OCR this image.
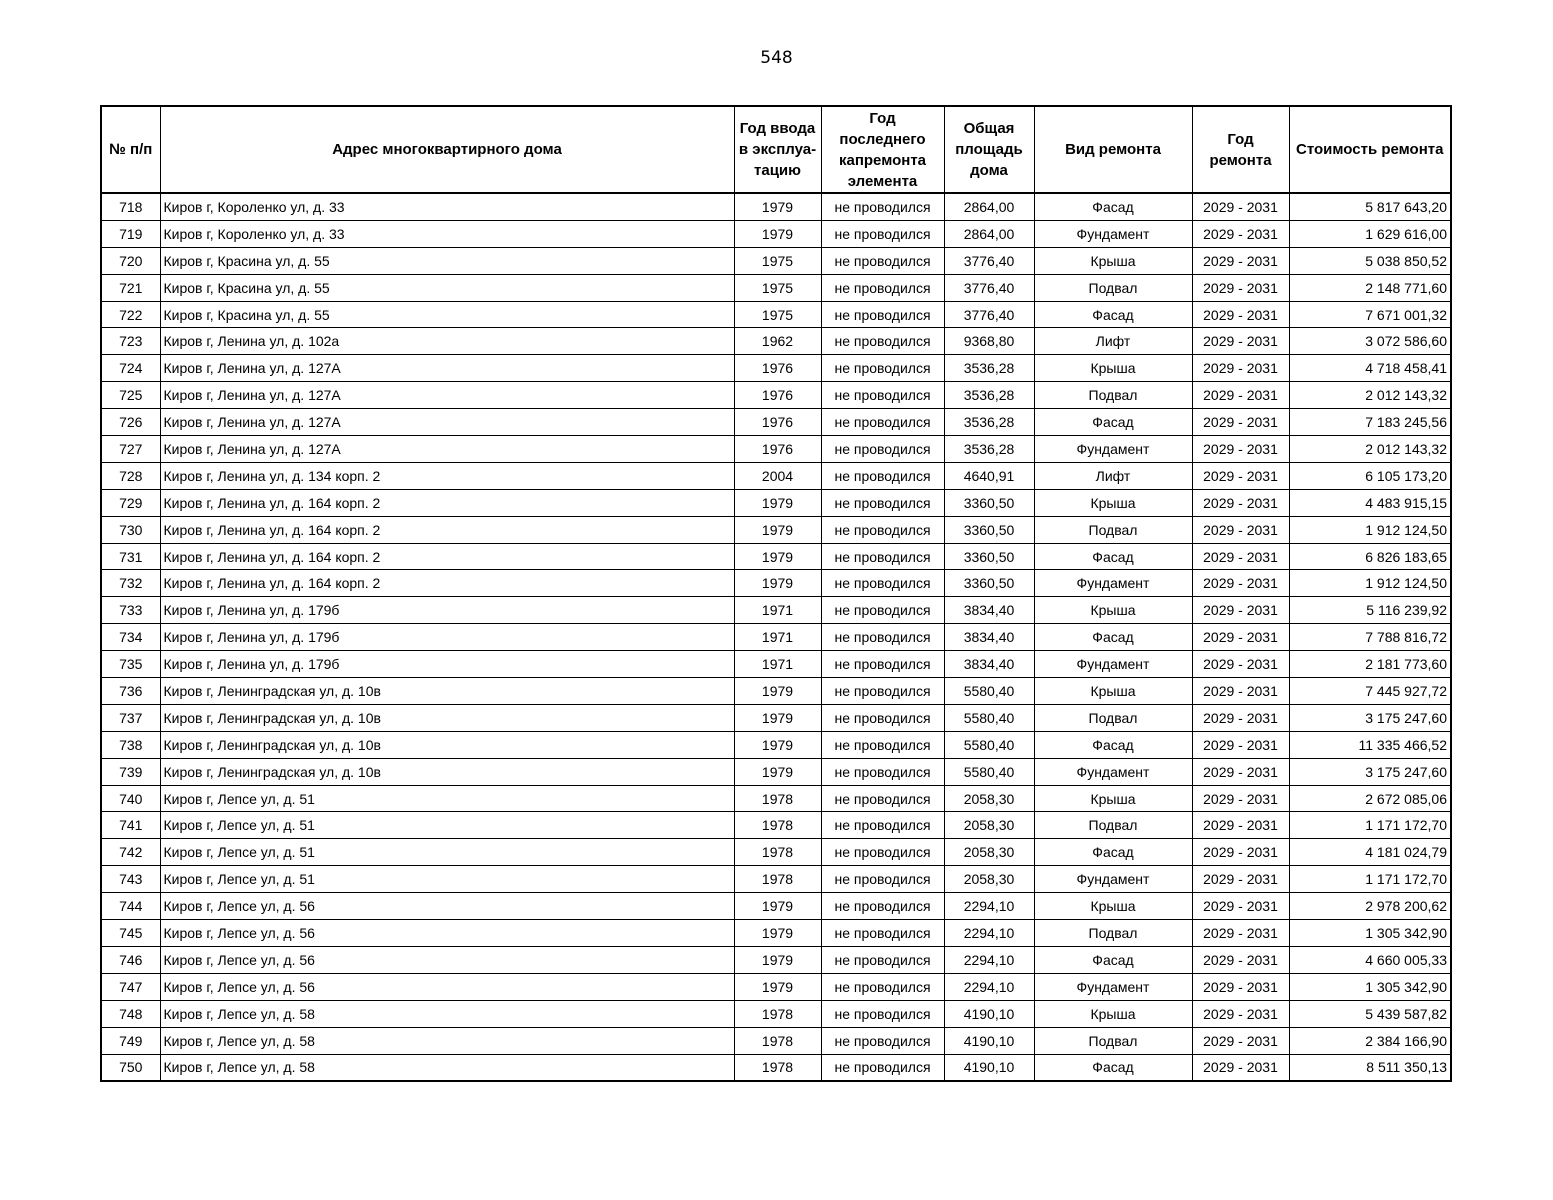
548
№ п/п	Адрес многоквартирного дома	Год ввода в эксплуа-тацию	Год последнего капремонта элемента	Общая площадь дома	Вид ремонта	Год ремонта	Стоимость ремонта
718	Киров г, Короленко ул, д. 33	1979	не проводился	2864,00	Фасад	2029 - 2031	5 817 643,20
719	Киров г, Короленко ул, д. 33	1979	не проводился	2864,00	Фундамент	2029 - 2031	1 629 616,00
720	Киров г, Красина ул, д. 55	1975	не проводился	3776,40	Крыша	2029 - 2031	5 038 850,52
721	Киров г, Красина ул, д. 55	1975	не проводился	3776,40	Подвал	2029 - 2031	2 148 771,60
722	Киров г, Красина ул, д. 55	1975	не проводился	3776,40	Фасад	2029 - 2031	7 671 001,32
723	Киров г, Ленина ул, д. 102а	1962	не проводился	9368,80	Лифт	2029 - 2031	3 072 586,60
724	Киров г, Ленина ул, д. 127А	1976	не проводился	3536,28	Крыша	2029 - 2031	4 718 458,41
725	Киров г, Ленина ул, д. 127А	1976	не проводился	3536,28	Подвал	2029 - 2031	2 012 143,32
726	Киров г, Ленина ул, д. 127А	1976	не проводился	3536,28	Фасад	2029 - 2031	7 183 245,56
727	Киров г, Ленина ул, д. 127А	1976	не проводился	3536,28	Фундамент	2029 - 2031	2 012 143,32
728	Киров г, Ленина ул, д. 134 корп. 2	2004	не проводился	4640,91	Лифт	2029 - 2031	6 105 173,20
729	Киров г, Ленина ул, д. 164 корп. 2	1979	не проводился	3360,50	Крыша	2029 - 2031	4 483 915,15
730	Киров г, Ленина ул, д. 164 корп. 2	1979	не проводился	3360,50	Подвал	2029 - 2031	1 912 124,50
731	Киров г, Ленина ул, д. 164 корп. 2	1979	не проводился	3360,50	Фасад	2029 - 2031	6 826 183,65
732	Киров г, Ленина ул, д. 164 корп. 2	1979	не проводился	3360,50	Фундамент	2029 - 2031	1 912 124,50
733	Киров г, Ленина ул, д. 179б	1971	не проводился	3834,40	Крыша	2029 - 2031	5 116 239,92
734	Киров г, Ленина ул, д. 179б	1971	не проводился	3834,40	Фасад	2029 - 2031	7 788 816,72
735	Киров г, Ленина ул, д. 179б	1971	не проводился	3834,40	Фундамент	2029 - 2031	2 181 773,60
736	Киров г, Ленинградская ул, д. 10в	1979	не проводился	5580,40	Крыша	2029 - 2031	7 445 927,72
737	Киров г, Ленинградская ул, д. 10в	1979	не проводился	5580,40	Подвал	2029 - 2031	3 175 247,60
738	Киров г, Ленинградская ул, д. 10в	1979	не проводился	5580,40	Фасад	2029 - 2031	11 335 466,52
739	Киров г, Ленинградская ул, д. 10в	1979	не проводился	5580,40	Фундамент	2029 - 2031	3 175 247,60
740	Киров г, Лепсе ул, д. 51	1978	не проводился	2058,30	Крыша	2029 - 2031	2 672 085,06
741	Киров г, Лепсе ул, д. 51	1978	не проводился	2058,30	Подвал	2029 - 2031	1 171 172,70
742	Киров г, Лепсе ул, д. 51	1978	не проводился	2058,30	Фасад	2029 - 2031	4 181 024,79
743	Киров г, Лепсе ул, д. 51	1978	не проводился	2058,30	Фундамент	2029 - 2031	1 171 172,70
744	Киров г, Лепсе ул, д. 56	1979	не проводился	2294,10	Крыша	2029 - 2031	2 978 200,62
745	Киров г, Лепсе ул, д. 56	1979	не проводился	2294,10	Подвал	2029 - 2031	1 305 342,90
746	Киров г, Лепсе ул, д. 56	1979	не проводился	2294,10	Фасад	2029 - 2031	4 660 005,33
747	Киров г, Лепсе ул, д. 56	1979	не проводился	2294,10	Фундамент	2029 - 2031	1 305 342,90
748	Киров г, Лепсе ул, д. 58	1978	не проводился	4190,10	Крыша	2029 - 2031	5 439 587,82
749	Киров г, Лепсе ул, д. 58	1978	не проводился	4190,10	Подвал	2029 - 2031	2 384 166,90
750	Киров г, Лепсе ул, д. 58	1978	не проводился	4190,10	Фасад	2029 - 2031	8 511 350,13
